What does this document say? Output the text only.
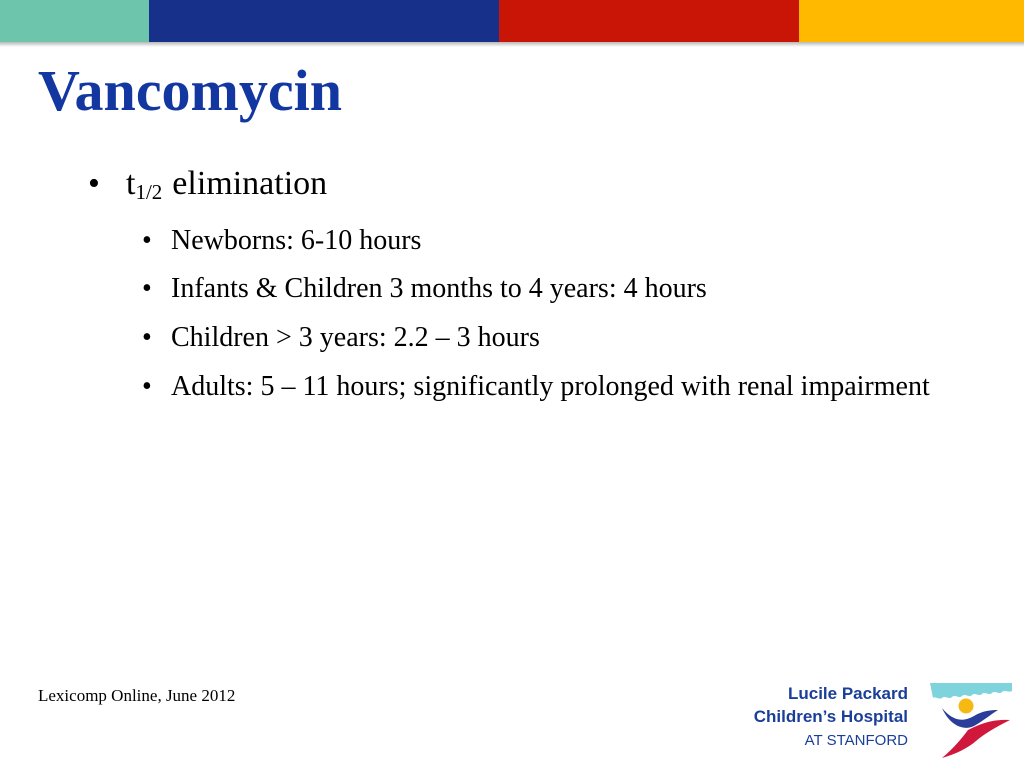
Vancomycin
• $t_{1/2}$ elimination
• Newborns: 6-10 hours
• Infants & Children 3 months to 4 years: 4 hours
• Children > 3 years: 2.2 – 3 hours
• Adults: 5 – 11 hours; significantly prolonged with renal impairment
Lexicomp Online, June 2012	Lucile Packard
Children’s Hospital
AT STANFORD
